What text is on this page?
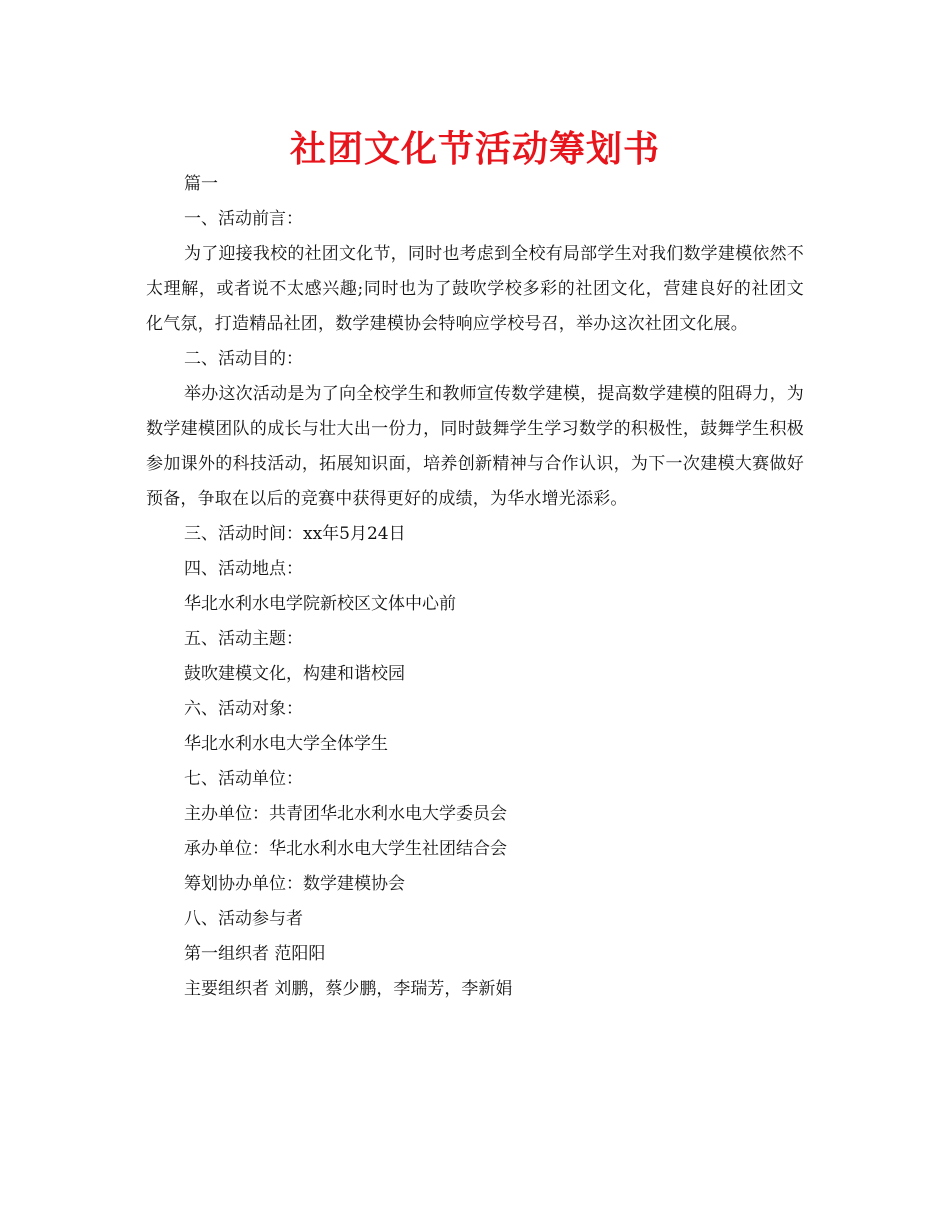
社团文化节活动筹划书
篇一
一、活动前言：

为了迎接我校的社团文化节，同时也考虑到全校有局部学生对我们数学建模依然不太理解，或者说不太感兴趣;同时也为了鼓吹学校多彩的社团文化，营建良好的社团文化气氛，打造精品社团，数学建模协会特响应学校号召，举办这次社团文化展。

二、活动目的：

举办这次活动是为了向全校学生和教师宣传数学建模，提高数学建模的阻碍力，为数学建模团队的成长与壮大出一份力，同时鼓舞学生学习数学的积极性，鼓舞学生积极参加课外的科技活动，拓展知识面，培养创新精神与合作认识，为下一次建模大赛做好预备，争取在以后的竞赛中获得更好的成绩，为华水增光添彩。

三、活动时间：xx年5月24日
四、活动地点：
华北水利水电学院新校区文体中心前
五、活动主题：
鼓吹建模文化，构建和谐校园
六、活动对象：
华北水利水电大学全体学生
七、活动单位：
主办单位：共青团华北水利水电大学委员会
承办单位：华北水利水电大学生社团结合会
筹划协办单位：数学建模协会
八、活动参与者
第一组织者 范阳阳
主要组织者 刘鹏，蔡少鹏，李瑞芳，李新娟
